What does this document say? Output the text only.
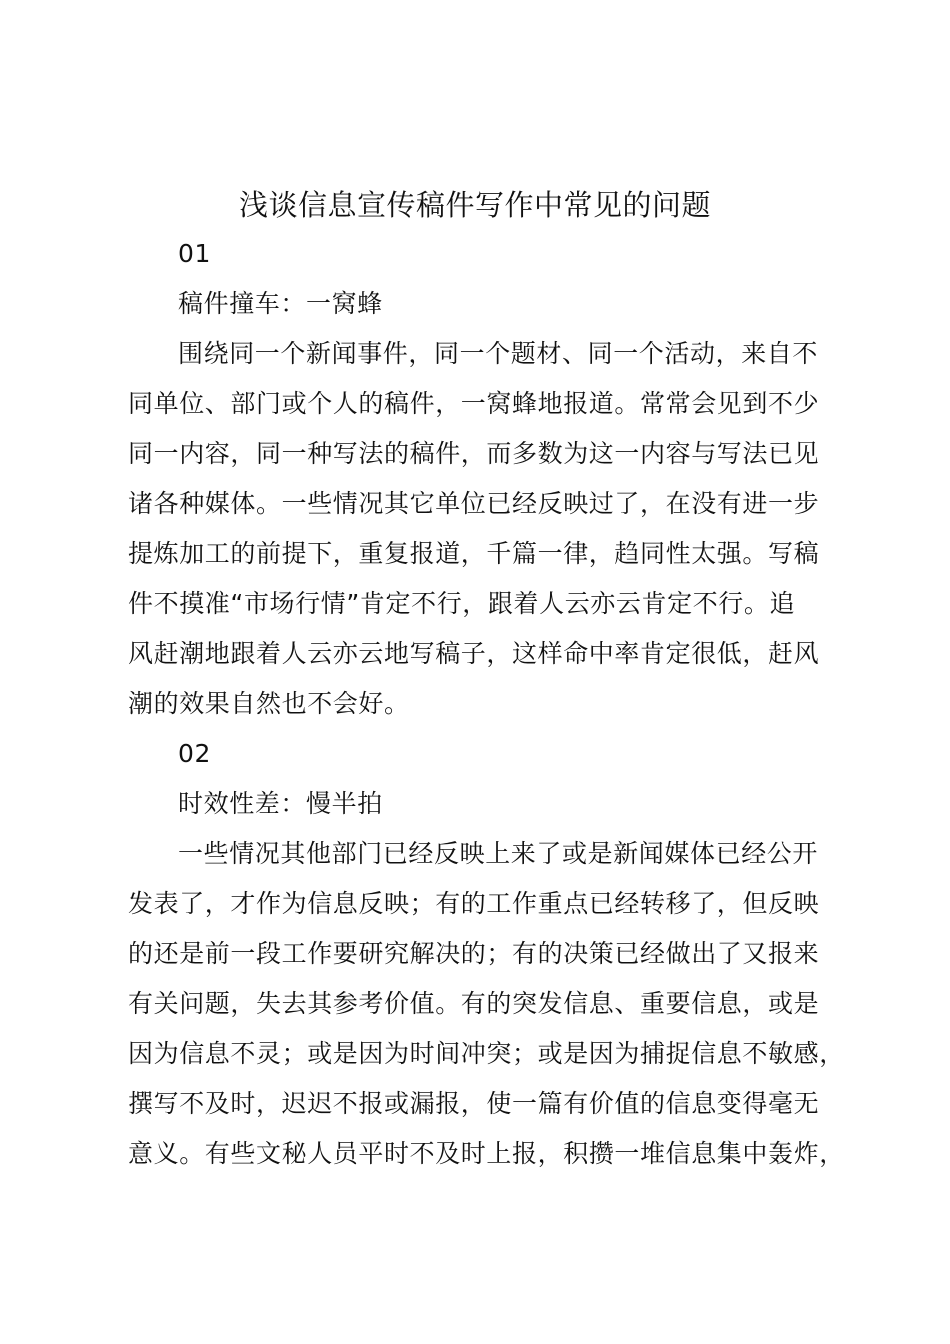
浅谈信息宣传稿件写作中常见的问题
01
稿件撞车：一窝蜂
围绕同一个新闻事件，同一个题材、同一个活动，来自不
同单位、部门或个人的稿件，一窝蜂地报道。常常会见到不少
同一内容，同一种写法的稿件，而多数为这一内容与写法已见
诸各种媒体。一些情况其它单位已经反映过了，在没有进一步
提炼加工的前提下，重复报道，千篇一律，趋同性太强。写稿
件不摸准“市场行情”肯定不行，跟着人云亦云肯定不行。追
风赶潮地跟着人云亦云地写稿子，这样命中率肯定很低，赶风
潮的效果自然也不会好。
02
时效性差：慢半拍
一些情况其他部门已经反映上来了或是新闻媒体已经公开
发表了，才作为信息反映；有的工作重点已经转移了，但反映
的还是前一段工作要研究解决的；有的决策已经做出了又报来
有关问题，失去其参考价值。有的突发信息、重要信息，或是
因为信息不灵；或是因为时间冲突；或是因为捕捉信息不敏感，
撰写不及时，迟迟不报或漏报，使一篇有价值的信息变得毫无
意义。有些文秘人员平时不及时上报，积攒一堆信息集中轰炸，
